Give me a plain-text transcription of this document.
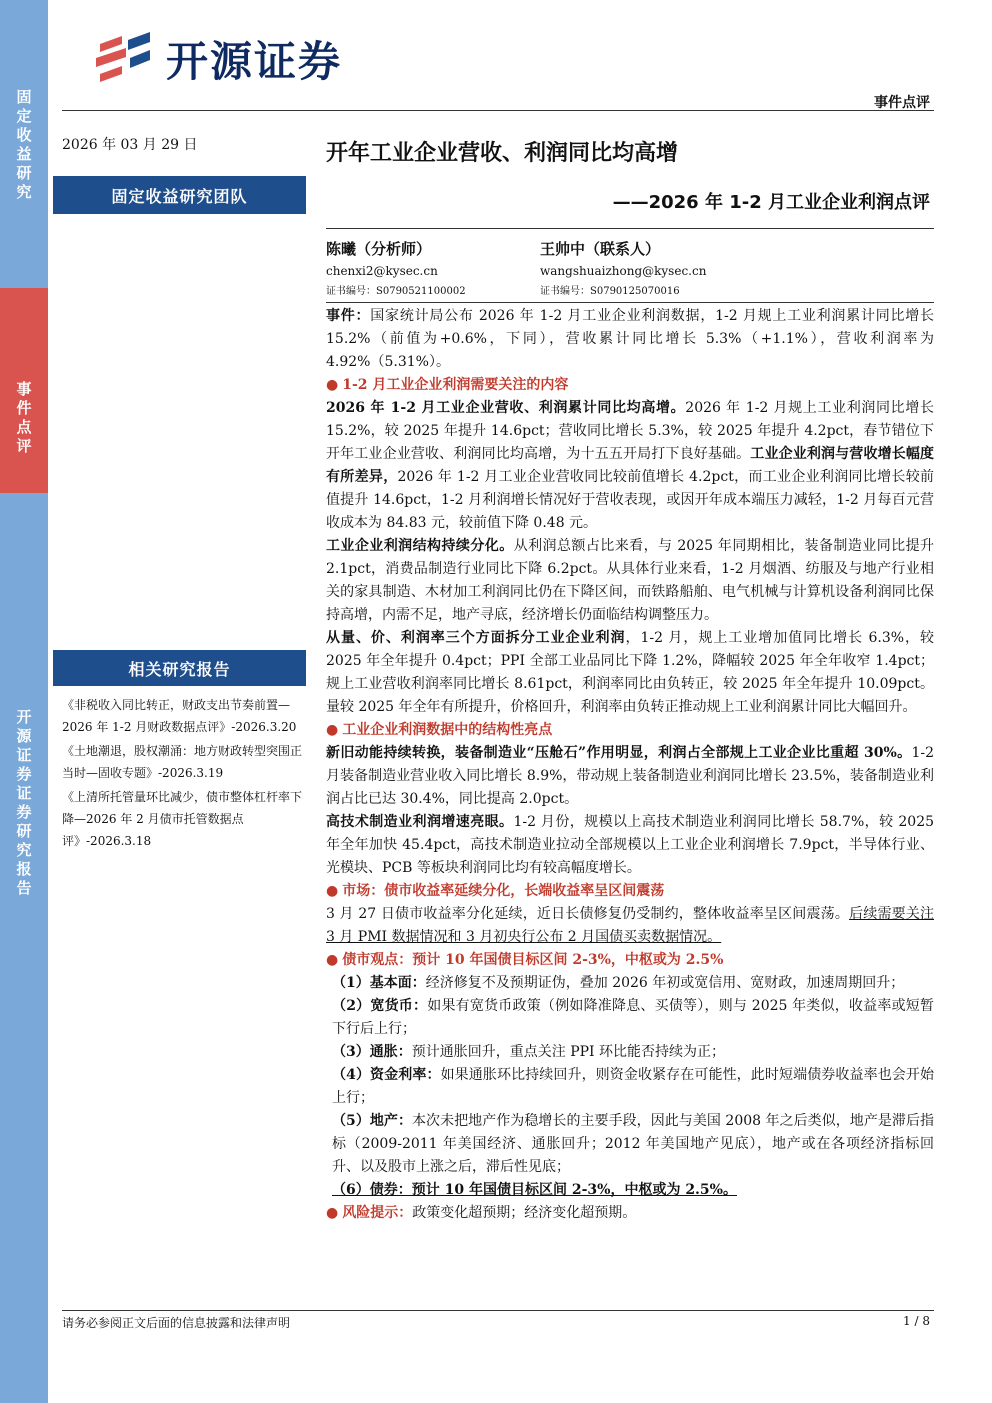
固定收益研究
事件点评
开源证券 证券研究报告
开源证券
事件点评
2026 年 03 月 29 日
固定收益研究团队
开年工业企业营收、利润同比均高增
——2026 年 1-2 月工业企业利润点评
陈曦（分析师）
chenxi2@kysec.cn
证书编号：S0790521100002
王帅中（联系人）
wangshuaizhong@kysec.cn
证书编号：S0790125070016
相关研究报告

《非税收入同比转正，财政支出节奏前置—2026 年 1-2 月财政数据点评》-2026.3.20

《土地潮退，股权潮涌：地方财政转型突围正当时—固收专题》-2026.3.19

《上清所托管量环比减少，债市整体杠杆率下降—2026 年 2 月债市托管数据点评》-2026.3.18

事件：国家统计局公布 2026 年 1-2 月工业企业利润数据，1-2 月规上工业利润累计同比增长 15.2%（前值为+0.6%，下同），营收累计同比增长 5.3%（+1.1%），营收利润率为 4.92%（5.31%）。

● 1-2 月工业企业利润需要关注的内容

2026 年 1-2 月工业企业营收、利润累计同比均高增。2026 年 1-2 月规上工业利润同比增长 15.2%，较 2025 年提升 14.6pct；营收同比增长 5.3%，较 2025 年提升 4.2pct，春节错位下开年工业企业营收、利润同比均高增，为十五五开局打下良好基础。工业企业利润与营收增长幅度有所差异，2026 年 1-2 月工业企业营收同比较前值增长 4.2pct，而工业企业利润同比增长较前值提升 14.6pct，1-2 月利润增长情况好于营收表现，或因开年成本端压力减轻，1-2 月每百元营收成本为 84.83 元，较前值下降 0.48 元。

工业企业利润结构持续分化。从利润总额占比来看，与 2025 年同期相比，装备制造业同比提升 2.1pct，消费品制造行业同比下降 6.2pct。从具体行业来看，1-2 月烟酒、纺服及与地产行业相关的家具制造、木材加工利润同比仍在下降区间，而铁路船舶、电气机械与计算机设备利润同比保持高增，内需不足，地产寻底，经济增长仍面临结构调整压力。

从量、价、利润率三个方面拆分工业企业利润，1-2 月，规上工业增加值同比增长 6.3%，较 2025 年全年提升 0.4pct；PPI 全部工业品同比下降 1.2%，降幅较 2025 年全年收窄 1.4pct；规上工业营收利润率同比增长 8.61pct，利润率同比由负转正，较 2025 年全年提升 10.09pct。量较 2025 年全年有所提升，价格回升，利润率由负转正推动规上工业利润累计同比大幅回升。

● 工业企业利润数据中的结构性亮点

新旧动能持续转换，装备制造业“压舱石”作用明显，利润占全部规上工业企业比重超 30%。1-2 月装备制造业营业收入同比增长 8.9%，带动规上装备制造业利润同比增长 23.5%，装备制造业利润占比已达 30.4%，同比提高 2.0pct。

高技术制造业利润增速亮眼。1-2 月份，规模以上高技术制造业利润同比增长 58.7%，较 2025 年全年加快 45.4pct，高技术制造业拉动全部规模以上工业企业利润增长 7.9pct，半导体行业、光模块、PCB 等板块利润同比均有较高幅度增长。

● 市场：债市收益率延续分化，长端收益率呈区间震荡

3 月 27 日债市收益率分化延续，近日长债修复仍受制约，整体收益率呈区间震荡。后续需要关注 3 月 PMI 数据情况和 3 月初央行公布 2 月国债买卖数据情况。

● 债市观点：预计 10 年国债目标区间 2-3%，中枢或为 2.5%

（1）基本面：经济修复不及预期证伪，叠加 2026 年初或宽信用、宽财政，加速周期回升；

（2）宽货币：如果有宽货币政策（例如降准降息、买债等），则与 2025 年类似，收益率或短暂下行后上行；

（3）通胀：预计通胀回升，重点关注 PPI 环比能否持续为正；

（4）资金利率：如果通胀环比持续回升，则资金收紧存在可能性，此时短端债券收益率也会开始上行；

（5）地产：本次未把地产作为稳增长的主要手段，因此与美国 2008 年之后类似，地产是滞后指标（2009-2011 年美国经济、通胀回升；2012 年美国地产见底），地产或在各项经济指标回升、以及股市上涨之后，滞后性见底；

（6）债券：预计 10 年国债目标区间 2-3%，中枢或为 2.5%。

● 风险提示：政策变化超预期；经济变化超预期。

请务必参阅正文后面的信息披露和法律声明	1 / 8
